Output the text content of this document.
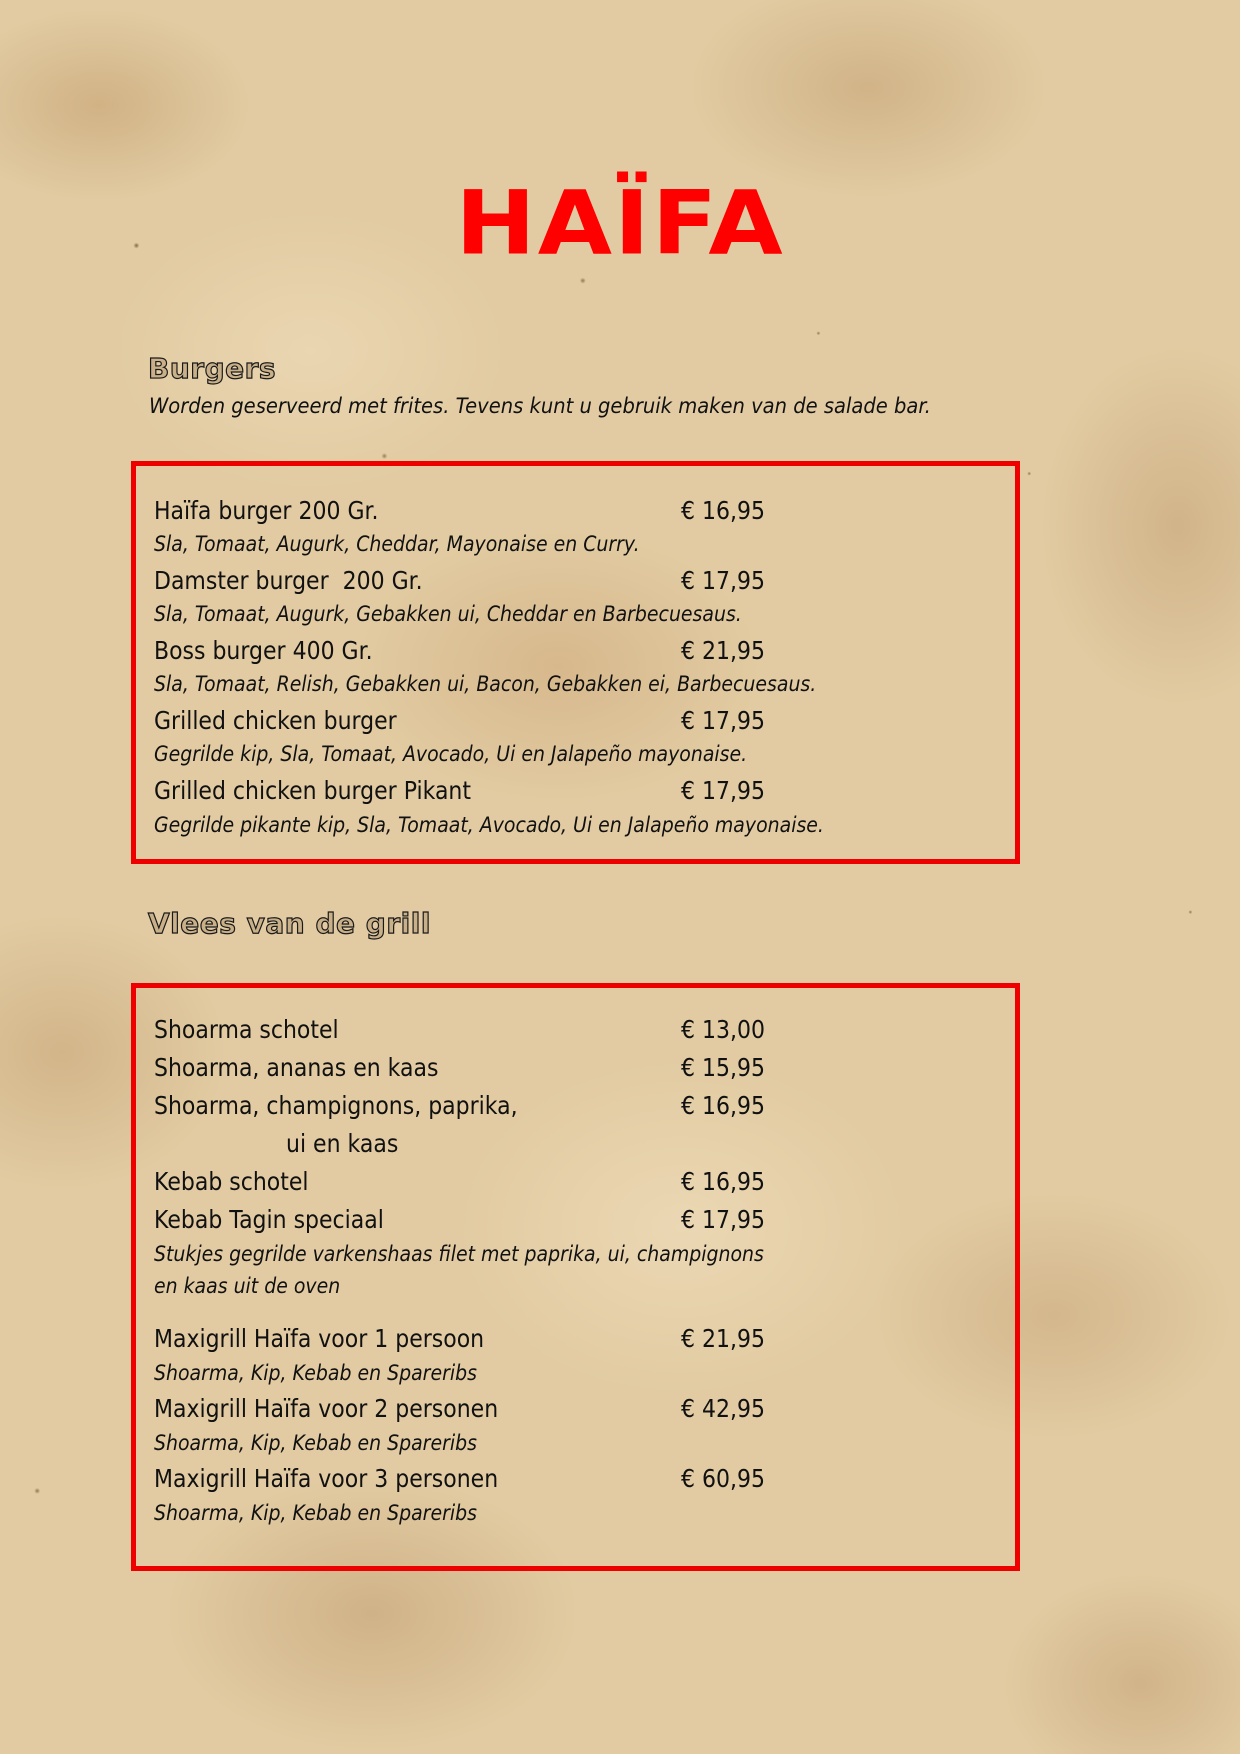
HAÏFA
Burgers
Worden geserveerd met frites. Tevens kunt u gebruik maken van de salade bar.
Haïfa burger 200 Gr.	€ 16,95
Sla, Tomaat, Augurk, Cheddar, Mayonaise en Curry.
Damster burger  200 Gr.	€ 17,95
Sla, Tomaat, Augurk, Gebakken ui, Cheddar en Barbecuesaus.
Boss burger 400 Gr.	€ 21,95
Sla, Tomaat, Relish, Gebakken ui, Bacon, Gebakken ei, Barbecuesaus.
Grilled chicken burger	€ 17,95
Gegrilde kip, Sla, Tomaat, Avocado, Ui en Jalapeño mayonaise.
Grilled chicken burger Pikant	€ 17,95
Gegrilde pikante kip, Sla, Tomaat, Avocado, Ui en Jalapeño mayonaise.
Vlees van de grill
Shoarma schotel	€ 13,00
Shoarma, ananas en kaas	€ 15,95
Shoarma, champignons, paprika,	€ 16,95
ui en kaas
Kebab schotel	€ 16,95
Kebab Tagin speciaal	€ 17,95
Stukjes gegrilde varkenshaas filet met paprika, ui, champignons
en kaas uit de oven
Maxigrill Haïfa voor 1 persoon	€ 21,95
Shoarma, Kip, Kebab en Spareribs
Maxigrill Haïfa voor 2 personen	€ 42,95
Shoarma, Kip, Kebab en Spareribs
Maxigrill Haïfa voor 3 personen	€ 60,95
Shoarma, Kip, Kebab en Spareribs
